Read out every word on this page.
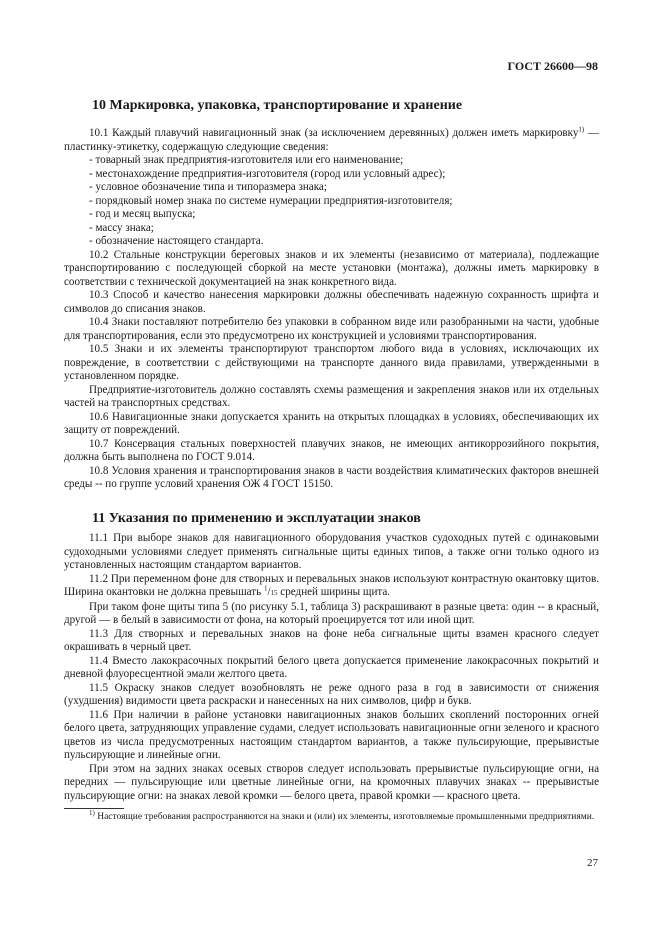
ГОСТ 26600—98
10 Маркировка, упаковка, транспортирование и хранение

10.1 Каждый плавучий навигационный знак (за исключением деревянных) должен иметь маркировку$^{1)}$ — пластинку-этикетку, содержащую следующие сведения:

- товарный знак предприятия-изготовителя или его наименование;

- местонахождение предприятия-изготовителя (город или условный адрес);

- условное обозначение типа и типоразмера знака;

- порядковый номер знака по системе нумерации предприятия-изготовителя;

- год и месяц выпуска;

- массу знака;

- обозначение настоящего стандарта.

10.2 Стальные конструкции береговых знаков и их элементы (независимо от материала), подлежащие транспортированию с последующей сборкой на месте установки (монтажа), должны иметь маркировку в соответствии с технической документацией на знак конкретного вида.

10.3 Способ и качество нанесения маркировки должны обеспечивать надежную сохранность шрифта и символов до списания знаков.

10.4 Знаки поставляют потребителю без упаковки в собранном виде или разобранными на части, удобные для транспортирования, если это предусмотрено их конструкцией и условиями транспортирования.

10.5 Знаки и их элементы транспортируют транспортом любого вида в условиях, исключающих их повреждение, в соответствии с действующими на транспорте данного вида правилами, утвержденными в установленном порядке.

Предприятие-изготовитель должно составлять схемы размещения и закрепления знаков или их отдельных частей на транспортных средствах.

10.6 Навигационные знаки допускается хранить на открытых площадках в условиях, обеспечивающих их защиту от повреждений.

10.7 Консервация стальных поверхностей плавучих знаков, не имеющих антикоррозийного покрытия, должна быть выполнена по ГОСТ 9.014.

10.8 Условия хранения и транспортирования знаков в части воздействия климатических факторов внешней среды -- по группе условий хранения ОЖ 4 ГОСТ 15150.

11 Указания по применению и эксплуатации знаков

11.1 При выборе знаков для навигационного оборудования участков судоходных путей с одинаковыми судоходными условиями следует применять сигнальные щиты единых типов, а также огни только одного из установленных настоящим стандартом вариантов.

11.2 При переменном фоне для створных и перевальных знаков используют контрастную окантовку щитов. Ширина окантовки не должна превышать $^1$/15 средней ширины щита.

При таком фоне щиты типа 5 (по рисунку 5.1, таблица 3) раскрашивают в разные цвета: один -- в красный, другой — в белый в зависимости от фона, на который проецируется тот или иной щит.

11.3 Для створных и перевальных знаков на фоне неба сигнальные щиты взамен красного следует окрашивать в черный цвет.

11.4 Вместо лакокрасочных покрытий белого цвета допускается применение лакокрасочных покрытий и дневной флуоресцентной эмали желтого цвета.

11.5 Окраску знаков следует возобновлять не реже одного раза в год в зависимости от снижения (ухудшения) видимости цвета раскраски и нанесенных на них символов, цифр и букв.

11.6 При наличии в районе установки навигационных знаков больших скоплений посторонних огней белого цвета, затрудняющих управление судами, следует использовать навигационные огни зеленого и красного цветов из числа предусмотренных настоящим стандартом вариантов, а также пульсирующие, прерывистые пульсирующие и линейные огни.

При этом на задних знаках осевых створов следует использовать прерывистые пульсирующие огни, на передних — пульсирующие или цветные линейные огни, на кромочных плавучих знаках -- прерывистые пульсирующие огни: на знаках левой кромки — белого цвета, правой кромки — красного цвета.

$^{1)}$ Настоящие требования распространяются на знаки и (или) их элементы, изготовляемые промышленными предприятиями.

27
